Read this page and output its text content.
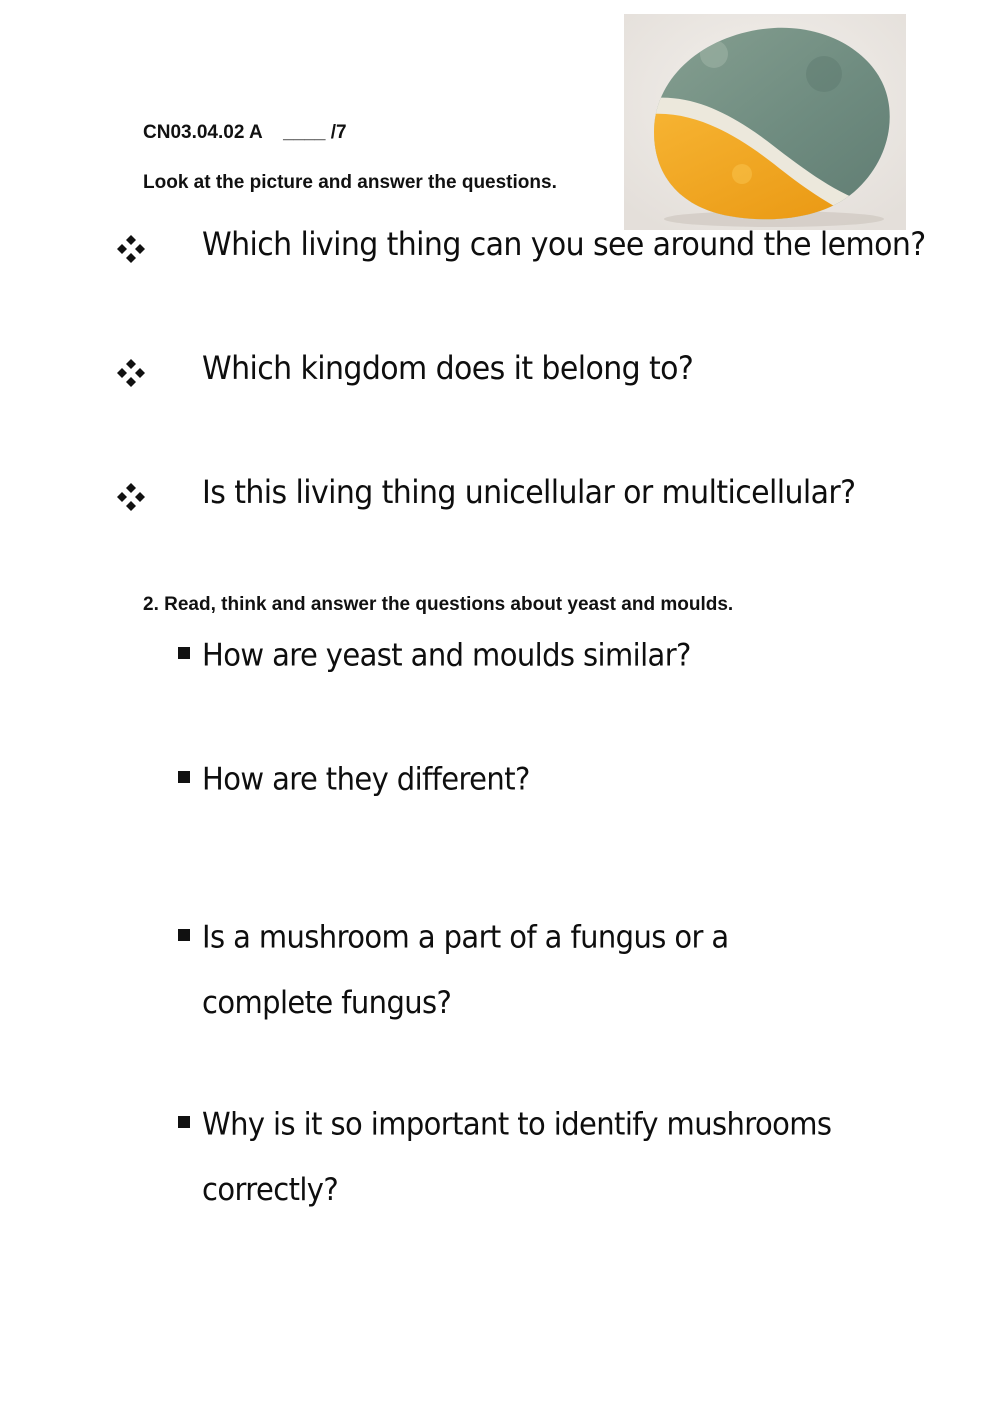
CN03.04.02 A ____ /7
Look at the picture and answer the questions.
Which living thing can you see around the lemon?
Which kingdom does it belong to?
Is this living thing unicellular or multicellular?
2. Read, think and answer the questions about yeast and moulds.
How are yeast and moulds similar?
How are they different?
Is a mushroom a part of a fungus or a complete fungus?
Why is it so important to identify mushrooms correctly?
